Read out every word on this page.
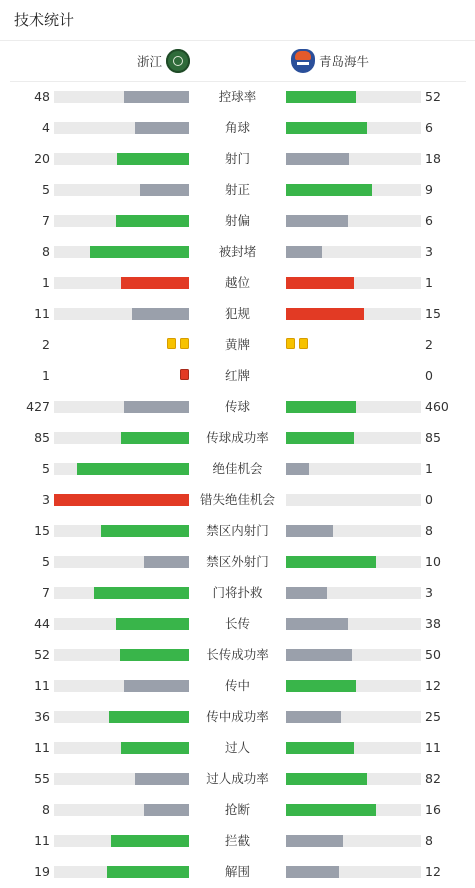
技术统计
浙江	青岛海牛
48	控球率	52
4	角球	6
20	射门	18
5	射正	9
7	射偏	6
8	被封堵	3
1	越位	1
11	犯规	15
2	黄牌	2
1	红牌	0
427	传球	460
85	传球成功率	85
5	绝佳机会	1
3	错失绝佳机会	0
15	禁区内射门	8
5	禁区外射门	10
7	门将扑救	3
44	长传	38
52	长传成功率	50
11	传中	12
36	传中成功率	25
11	过人	11
55	过人成功率	82
8	抢断	16
11	拦截	8
19	解围	12
